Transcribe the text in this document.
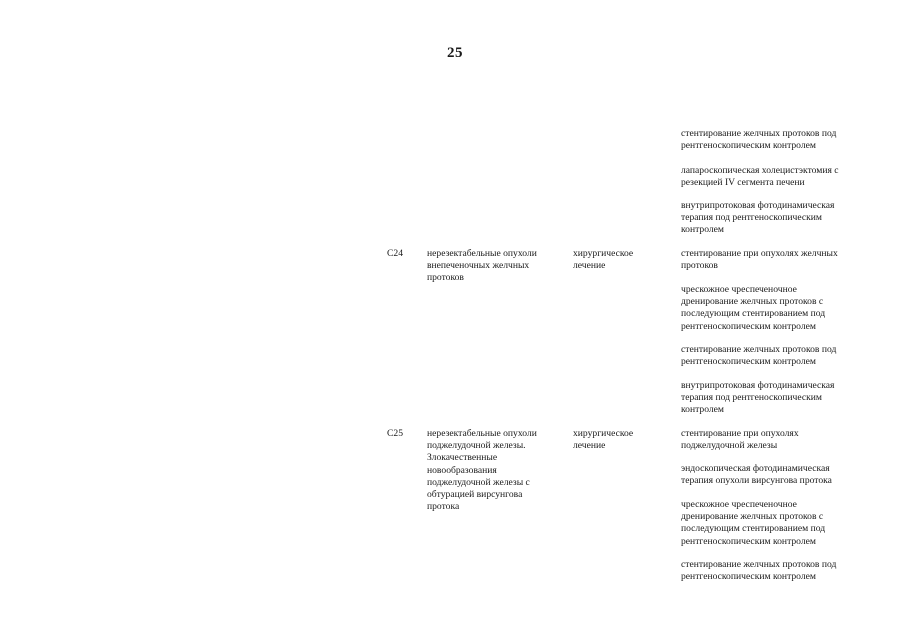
25
стентирование желчных протоков под
рентгеноскопическим контролем
лапароскопическая холецистэктомия с
резекцией IV сегмента печени
внутрипротоковая фотодинамическая
терапия под рентгеноскопическим
контролем
C24	нерезектабельные опухоли
внепеченочных желчных
протоков
хирургическое
лечение
стентирование при опухолях желчных
протоков
чрескожное чреспеченочное
дренирование желчных протоков с
последующим стентированием под
рентгеноскопическим контролем
стентирование желчных протоков под
рентгеноскопическим контролем
внутрипротоковая фотодинамическая
терапия под рентгеноскопическим
контролем
C25	нерезектабельные опухоли
поджелудочной железы.
Злокачественные
новообразования
поджелудочной железы с
обтурацией вирсунгова
протока
хирургическое
лечение
стентирование при опухолях
поджелудочной железы
эндоскопическая фотодинамическая
терапия опухоли вирсунгова протока
чрескожное чреспеченочное
дренирование желчных протоков с
последующим стентированием под
рентгеноскопическим контролем
стентирование желчных протоков под
рентгеноскопическим контролем
